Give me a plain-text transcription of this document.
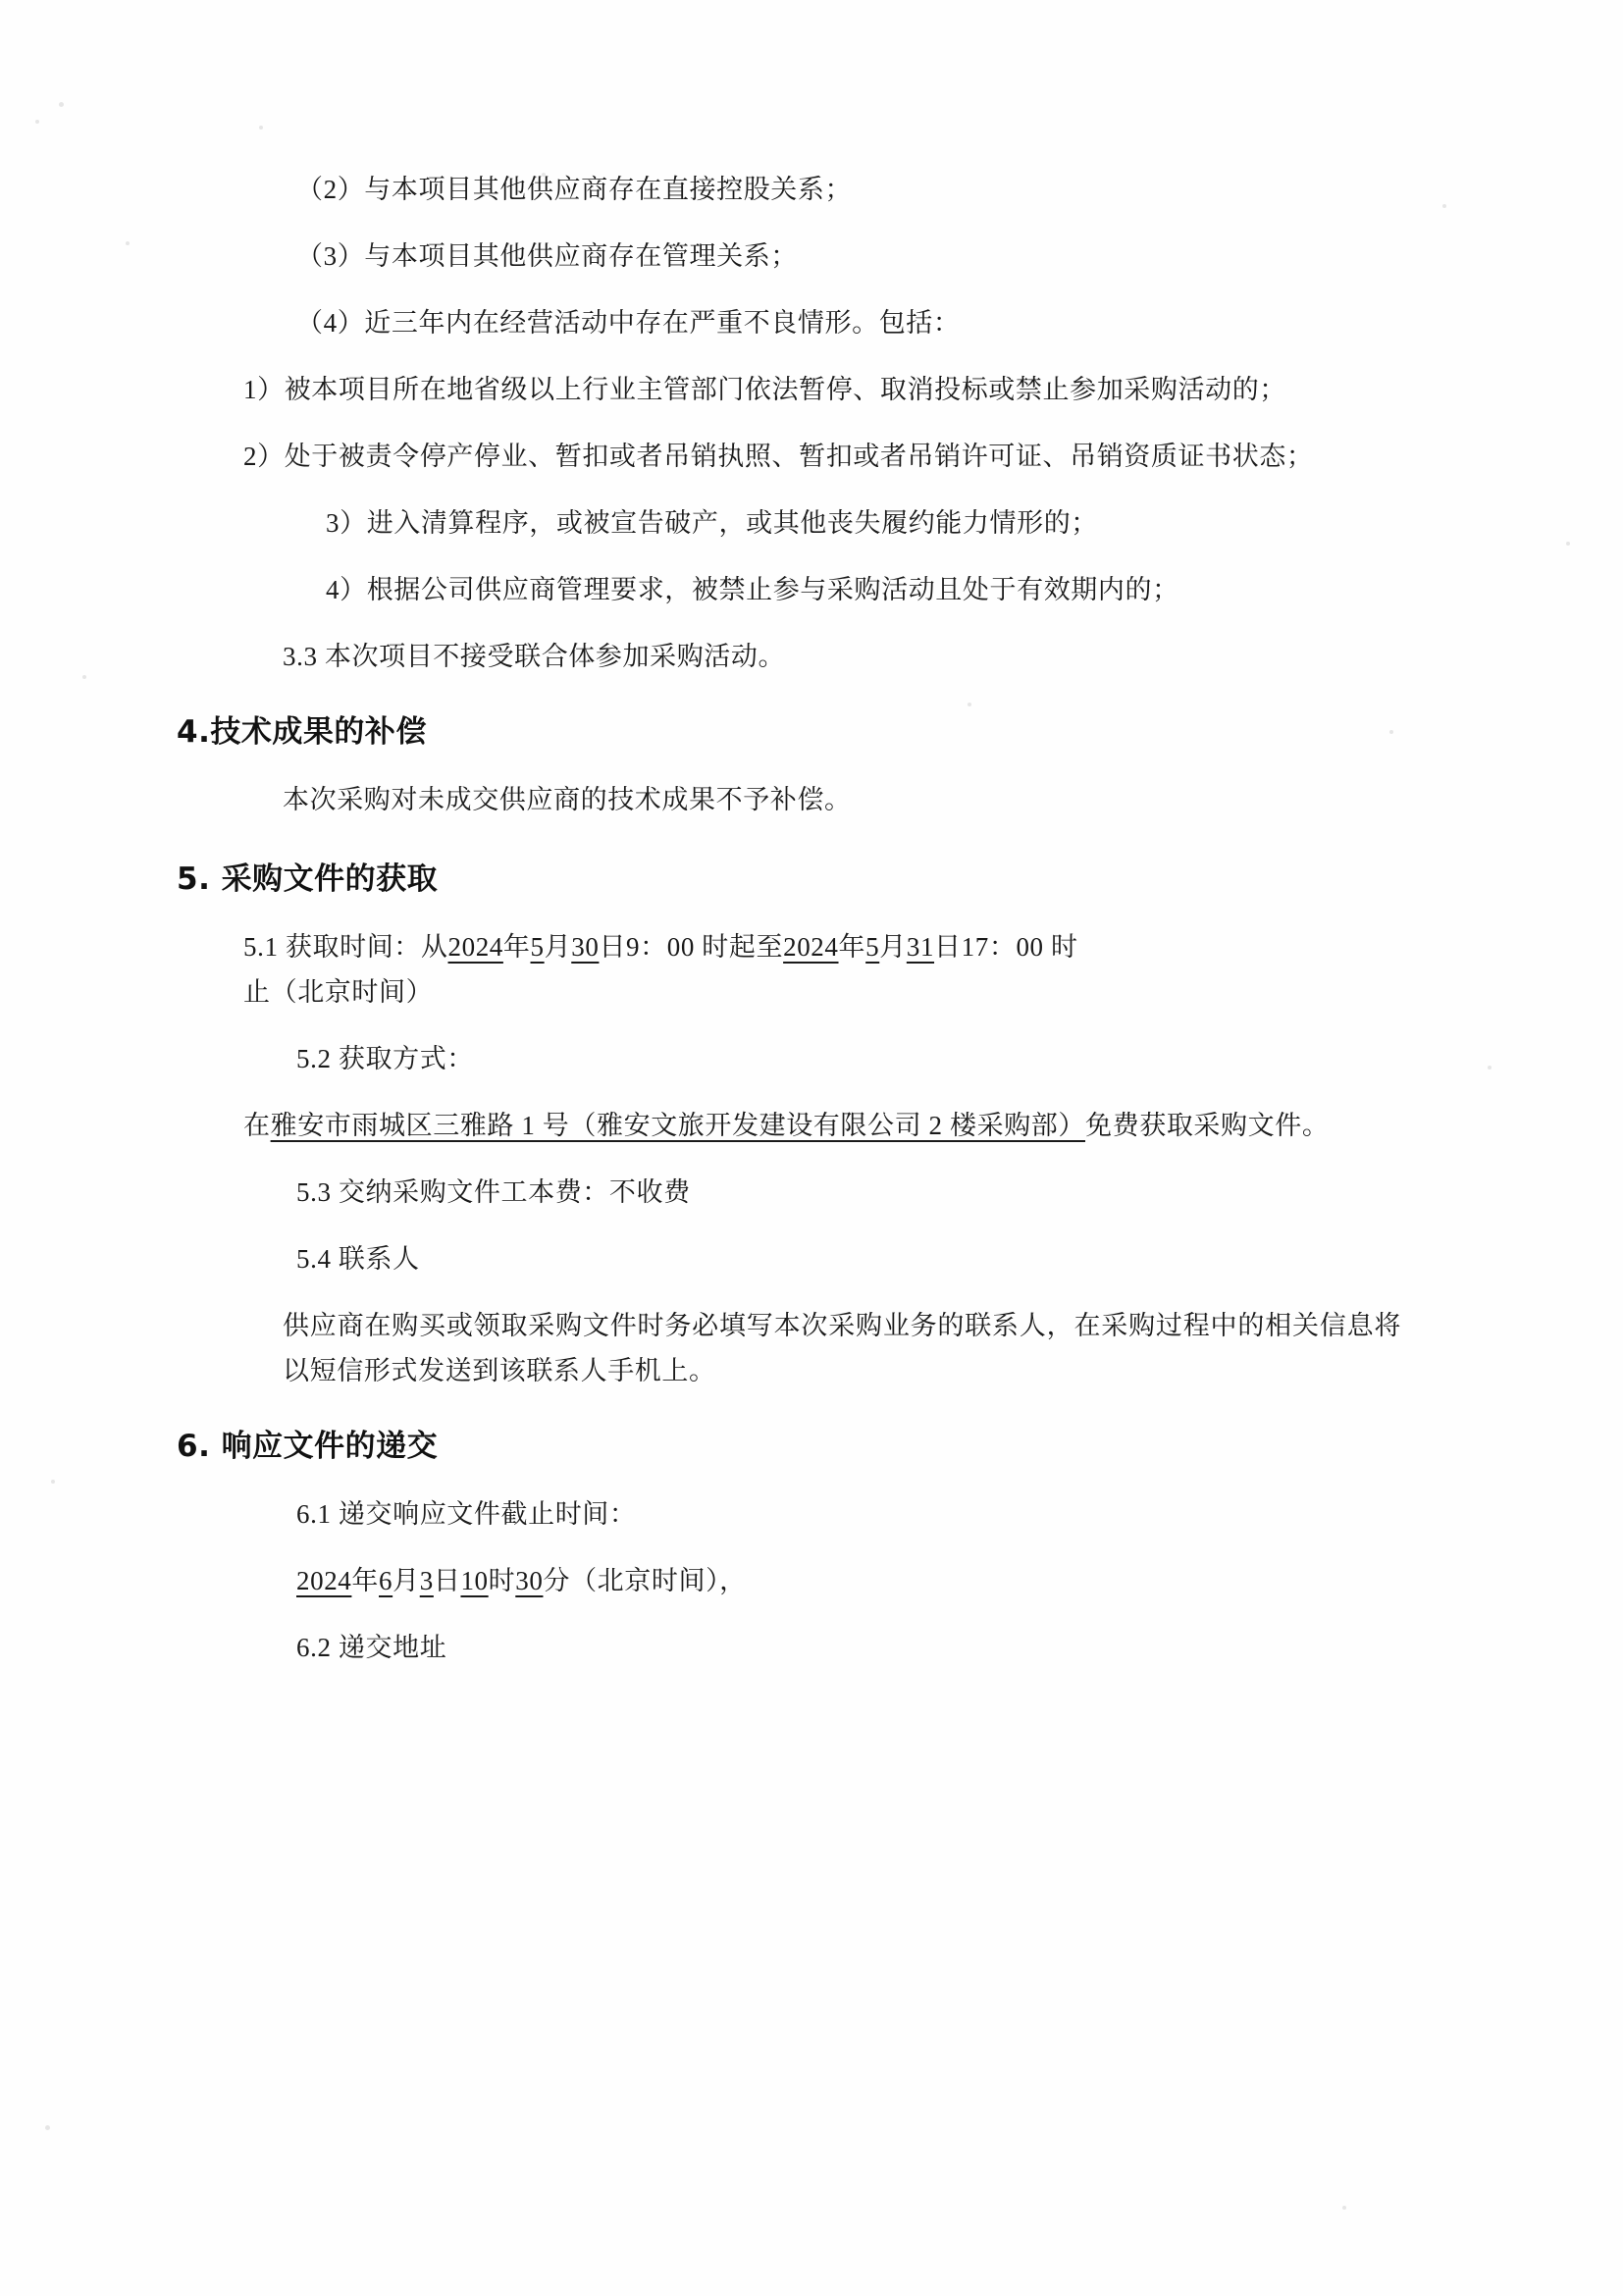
（2）与本项目其他供应商存在直接控股关系；

（3）与本项目其他供应商存在管理关系；

（4）近三年内在经营活动中存在严重不良情形。包括：

1）被本项目所在地省级以上行业主管部门依法暂停、取消投标或禁止参加采购活动的；

2）处于被责令停产停业、暂扣或者吊销执照、暂扣或者吊销许可证、吊销资质证书状态；

3）进入清算程序，或被宣告破产，或其他丧失履约能力情形的；

4）根据公司供应商管理要求，被禁止参与采购活动且处于有效期内的；

3.3 本次项目不接受联合体参加采购活动。

4.技术成果的补偿

本次采购对未成交供应商的技术成果不予补偿。

5. 采购文件的获取

5.1 获取时间：从2024年5月30日9：00 时起至2024年5月31日17：00 时
止（北京时间）

5.2 获取方式：

在雅安市雨城区三雅路 1 号（雅安文旅开发建设有限公司 2 楼采购部）免费获取采购文件。

5.3 交纳采购文件工本费：不收费

5.4 联系人

供应商在购买或领取采购文件时务必填写本次采购业务的联系人，在采购过程中的相关信息将以短信形式发送到该联系人手机上。

6. 响应文件的递交

6.1 递交响应文件截止时间：

2024年6月3日10时30分（北京时间），

6.2 递交地址
